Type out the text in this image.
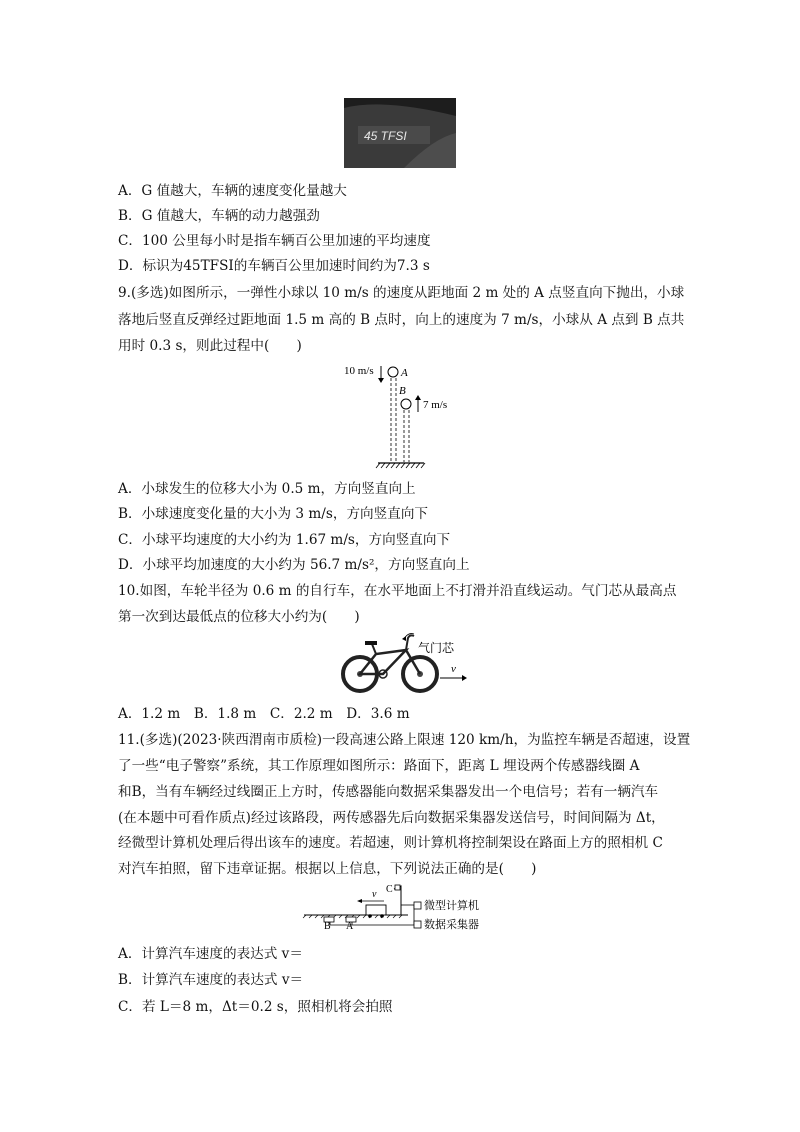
45 TFSI
A．G 值越大，车辆的速度变化量越大
B．G 值越大，车辆的动力越强劲
C．100 公里每小时是指车辆百公里加速的平均速度
D．标识为45TFSI的车辆百公里加速时间约为7.3 s
9.(多选)如图所示，一弹性小球以 10 m/s 的速度从距地面 2 m 处的 A 点竖直向下抛出，小球
落地后竖直反弹经过距地面 1.5 m 高的 B 点时，向上的速度为 7 m/s，小球从 A 点到 B 点共
用时 0.3 s，则此过程中(　　)
10 m/s A
B
7 m/s
A．小球发生的位移大小为 0.5 m，方向竖直向上
B．小球速度变化量的大小为 3 m/s，方向竖直向下
C．小球平均速度的大小约为 1.67 m/s，方向竖直向下
D．小球平均加速度的大小约为 56.7 m/s²，方向竖直向上
10.如图，车轮半径为 0.6 m 的自行车，在水平地面上不打滑并沿直线运动。气门芯从最高点
第一次到达最低点的位移大小约为(　　)
气门芯
v
A．1.2 m　B．1.8 m　C．2.2 m　D．3.6 m
11.(多选)(2023·陕西渭南市质检)一段高速公路上限速 120 km/h，为监控车辆是否超速，设置
了一些“电子警察”系统，其工作原理如图所示：路面下，距离 L 埋设两个传感器线圈 A
和B，当有车辆经过线圈正上方时，传感器能向数据采集器发出一个电信号；若有一辆汽车
(在本题中可看作质点)经过该路段，两传感器先后向数据采集器发送信号，时间间隔为 Δt，
经微型计算机处理后得出该车的速度。若超速，则计算机将控制架设在路面上方的照相机 C
对汽车拍照，留下违章证据。根据以上信息，下列说法正确的是(　　)
v C
B A
微型计算机
数据采集器
A．计算汽车速度的表达式 v＝
B．计算汽车速度的表达式 v＝
C．若 L＝8 m，Δt＝0.2 s，照相机将会拍照
